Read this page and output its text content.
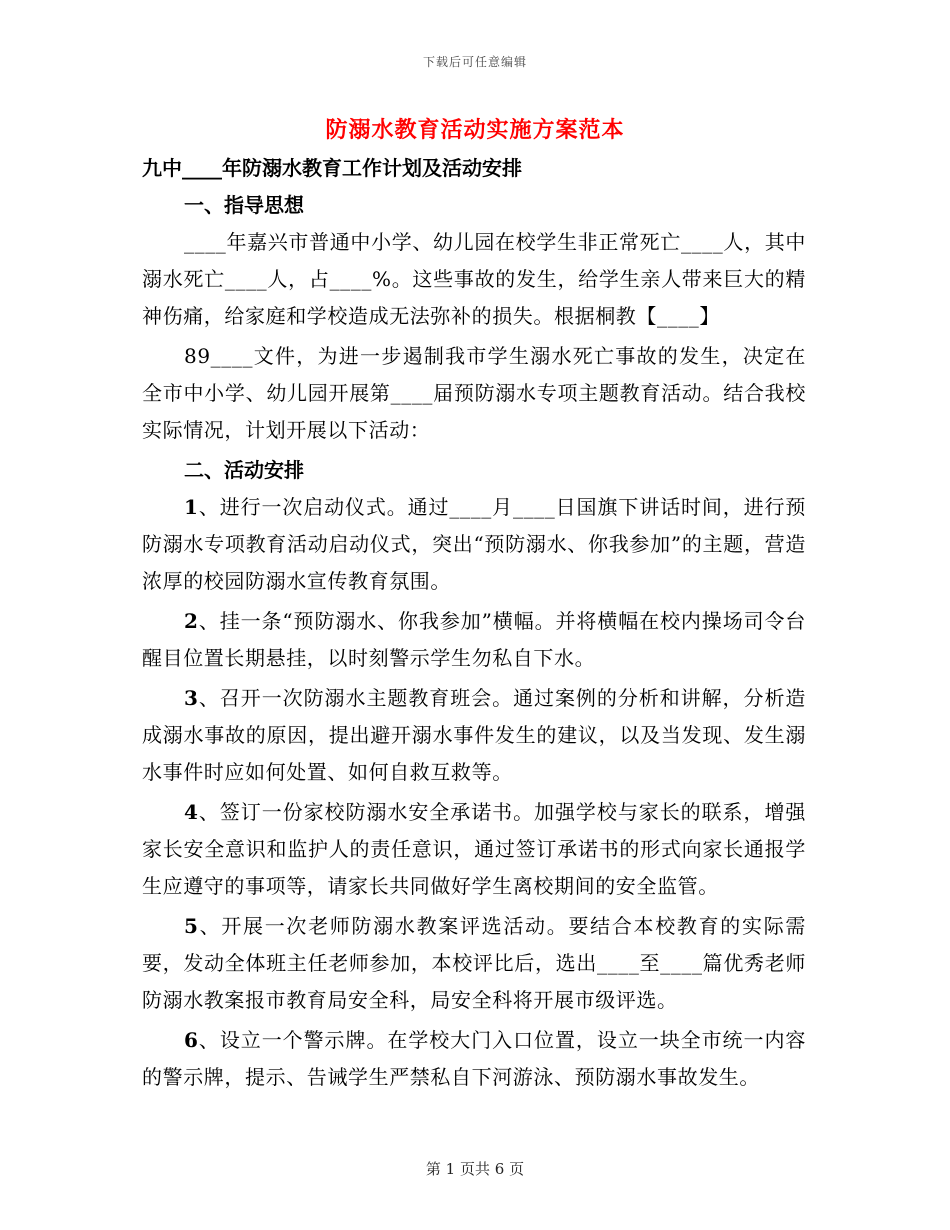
下载后可任意编辑
防溺水教育活动实施方案范本

九中____年防溺水教育工作计划及活动安排

一、指导思想

____年嘉兴市普通中小学、幼儿园在校学生非正常死亡____人，其中溺水死亡____人，占____%。这些事故的发生，给学生亲人带来巨大的精神伤痛，给家庭和学校造成无法弥补的损失。根据桐教【____】

89____文件，为进一步遏制我市学生溺水死亡事故的发生，决定在全市中小学、幼儿园开展第____届预防溺水专项主题教育活动。结合我校实际情况，计划开展以下活动：

二、活动安排

1、进行一次启动仪式。通过____月____日国旗下讲话时间，进行预防溺水专项教育活动启动仪式，突出“预防溺水、你我参加”的主题，营造浓厚的校园防溺水宣传教育氛围。

2、挂一条“预防溺水、你我参加”横幅。并将横幅在校内操场司令台醒目位置长期悬挂，以时刻警示学生勿私自下水。

3、召开一次防溺水主题教育班会。通过案例的分析和讲解，分析造成溺水事故的原因，提出避开溺水事件发生的建议，以及当发现、发生溺水事件时应如何处置、如何自救互救等。

4、签订一份家校防溺水安全承诺书。加强学校与家长的联系，增强家长安全意识和监护人的责任意识，通过签订承诺书的形式向家长通报学生应遵守的事项等，请家长共同做好学生离校期间的安全监管。

5、开展一次老师防溺水教案评选活动。要结合本校教育的实际需要，发动全体班主任老师参加，本校评比后，选出____至____篇优秀老师防溺水教案报市教育局安全科，局安全科将开展市级评选。

6、设立一个警示牌。在学校大门入口位置，设立一块全市统一内容的警示牌，提示、告诫学生严禁私自下河游泳、预防溺水事故发生。

第 1 页共 6 页
